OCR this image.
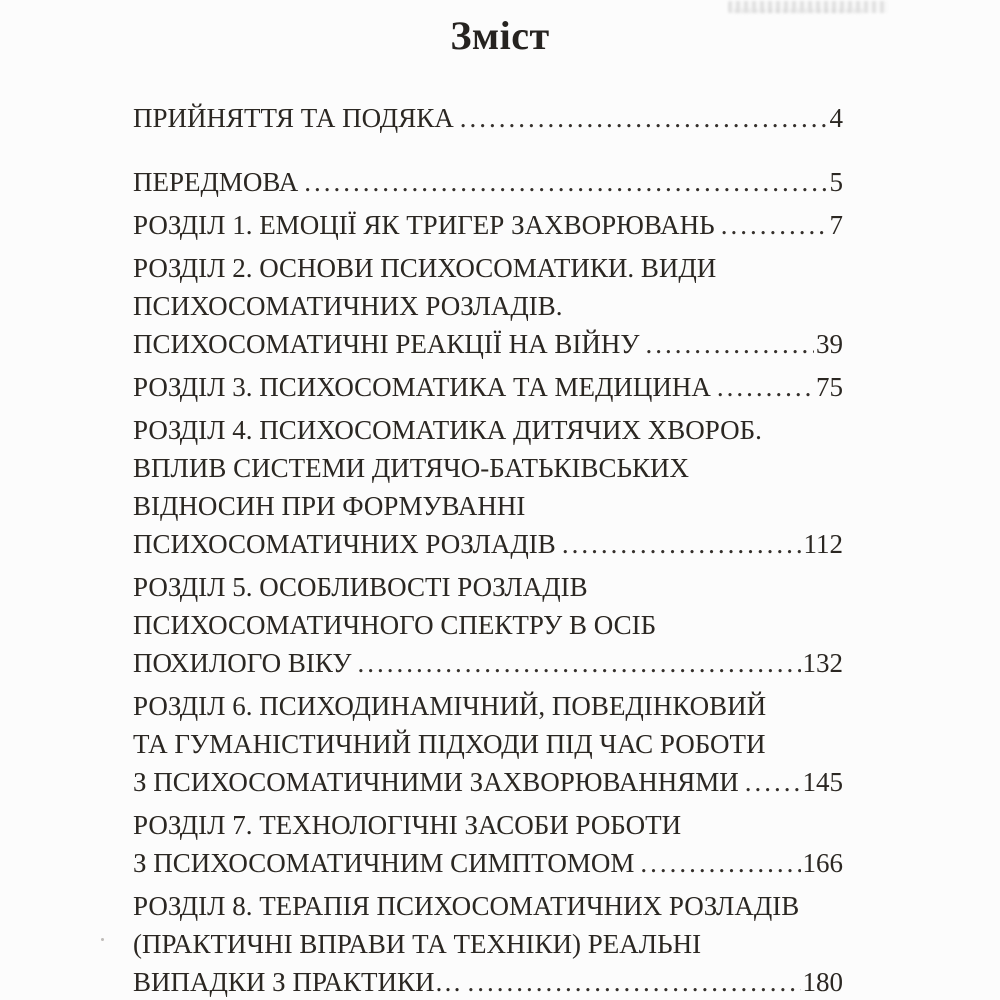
Зміст
ПРИЙНЯТТЯ ТА ПОДЯКА .....	4
ПЕРЕДМОВА .....	5
РОЗДІЛ 1. ЕМОЦІЇ ЯК ТРИГЕР ЗАХВОРЮВАНЬ .....	7
РОЗДІЛ 2. ОСНОВИ ПСИХОСОМАТИКИ. ВИДИ
ПСИХОСОМАТИЧНИХ РОЗЛАДІВ.
ПСИХОСОМАТИЧНІ РЕАКЦІЇ НА ВІЙНУ .....	39
РОЗДІЛ 3. ПСИХОСОМАТИКА ТА МЕДИЦИНА .....	75
РОЗДІЛ 4. ПСИХОСОМАТИКА ДИТЯЧИХ ХВОРОБ.
ВПЛИВ СИСТЕМИ ДИТЯЧО-БАТЬКІВСЬКИХ
ВІДНОСИН ПРИ ФОРМУВАННІ
ПСИХОСОМАТИЧНИХ РОЗЛАДІВ .....	112
РОЗДІЛ 5. ОСОБЛИВОСТІ РОЗЛАДІВ
ПСИХОСОМАТИЧНОГО СПЕКТРУ В ОСІБ
ПОХИЛОГО ВІКУ .....	132
РОЗДІЛ 6. ПСИХОДИНАМІЧНИЙ, ПОВЕДІНКОВИЙ
ТА ГУМАНІСТИЧНИЙ ПІДХОДИ ПІД ЧАС РОБОТИ
З ПСИХОСОМАТИЧНИМИ ЗАХВОРЮВАННЯМИ ..... 145
РОЗДІЛ 7. ТЕХНОЛОГІЧНІ ЗАСОБИ РОБОТИ
З ПСИХОСОМАТИЧНИМ СИМПТОМОМ .....	166
РОЗДІЛ 8. ТЕРАПІЯ ПСИХОСОМАТИЧНИХ РОЗЛАДІВ
(ПРАКТИЧНІ ВПРАВИ ТА ТЕХНІКИ) РЕАЛЬНІ
ВИПАДКИ З ПРАКТИКИ… .....	180
